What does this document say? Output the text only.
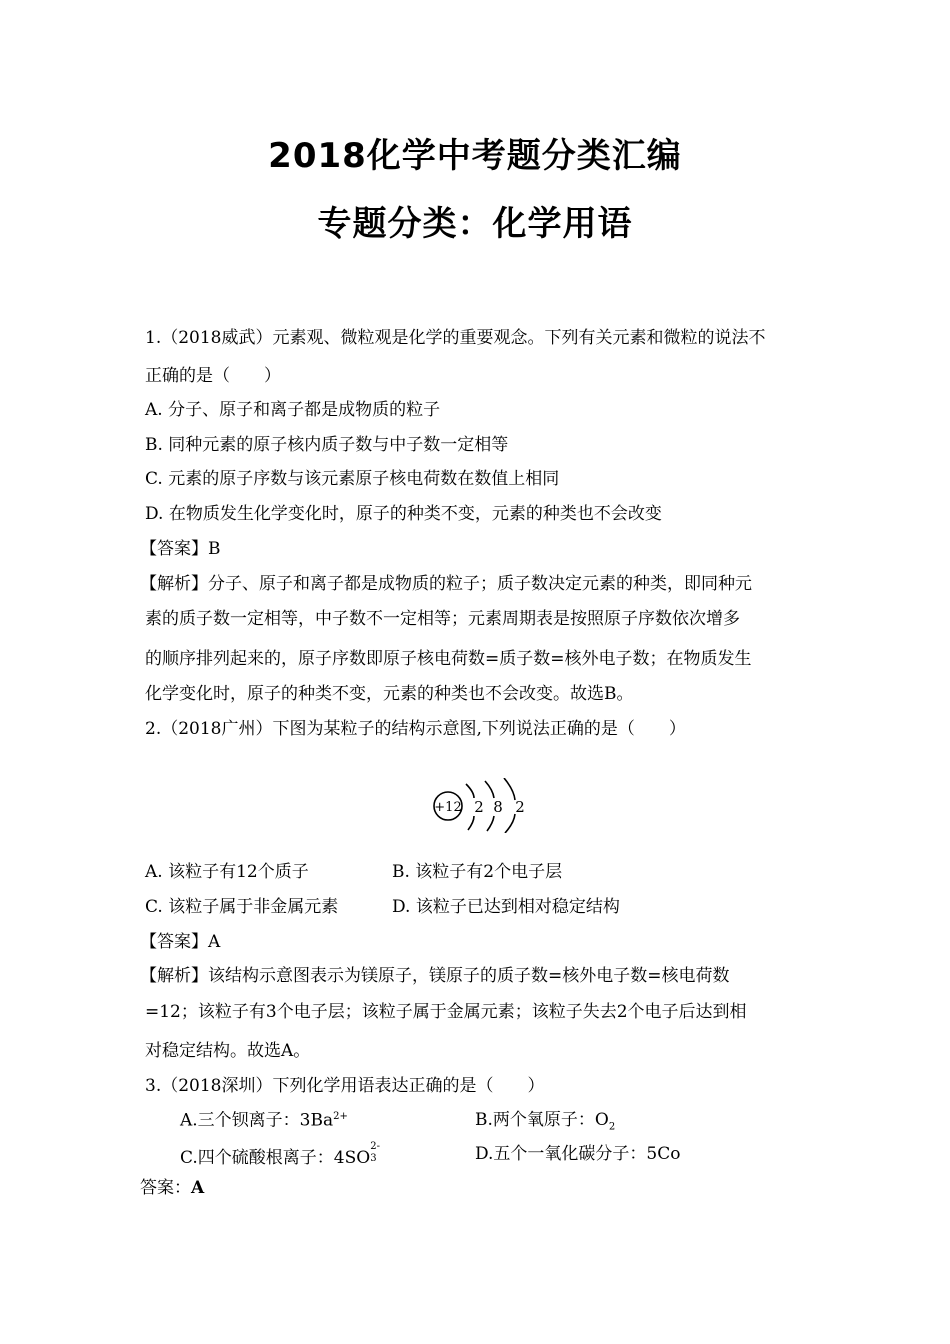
2018化学中考题分类汇编
专题分类：化学用语
1.（2018威武）元素观、微粒观是化学的重要观念。下列有关元素和微粒的说法不
正确的是（　　）
A. 分子、原子和离子都是成物质的粒子
B. 同种元素的原子核内质子数与中子数一定相等
C. 元素的原子序数与该元素原子核电荷数在数值上相同
D. 在物质发生化学变化时，原子的种类不变，元素的种类也不会改变
【答案】B
【解析】分子、原子和离子都是成物质的粒子；质子数决定元素的种类，即同种元
素的质子数一定相等，中子数不一定相等；元素周期表是按照原子序数依次增多
的顺序排列起来的，原子序数即原子核电荷数=质子数=核外电子数；在物质发生
化学变化时，原子的种类不变，元素的种类也不会改变。故选B。
2.（2018广州）下图为某粒子的结构示意图,下列说法正确的是（　　）
+12 2 8 2
A. 该粒子有12个质子	B. 该粒子有2个电子层
C. 该粒子属于非金属元素	D. 该粒子已达到相对稳定结构
【答案】A
【解析】该结构示意图表示为镁原子，镁原子的质子数=核外电子数=核电荷数
=12；该粒子有3个电子层；该粒子属于金属元素；该粒子失去2个电子后达到相
对稳定结构。故选A。
3.（2018深圳）下列化学用语表达正确的是（　　）
A.三个钡离子：$3Ba^{2+}$	B.两个氧原子：$O_2$
C.四个硫酸根离子：4SO
2-
3	D.五个一氧化碳分子：5Co
答案：A
